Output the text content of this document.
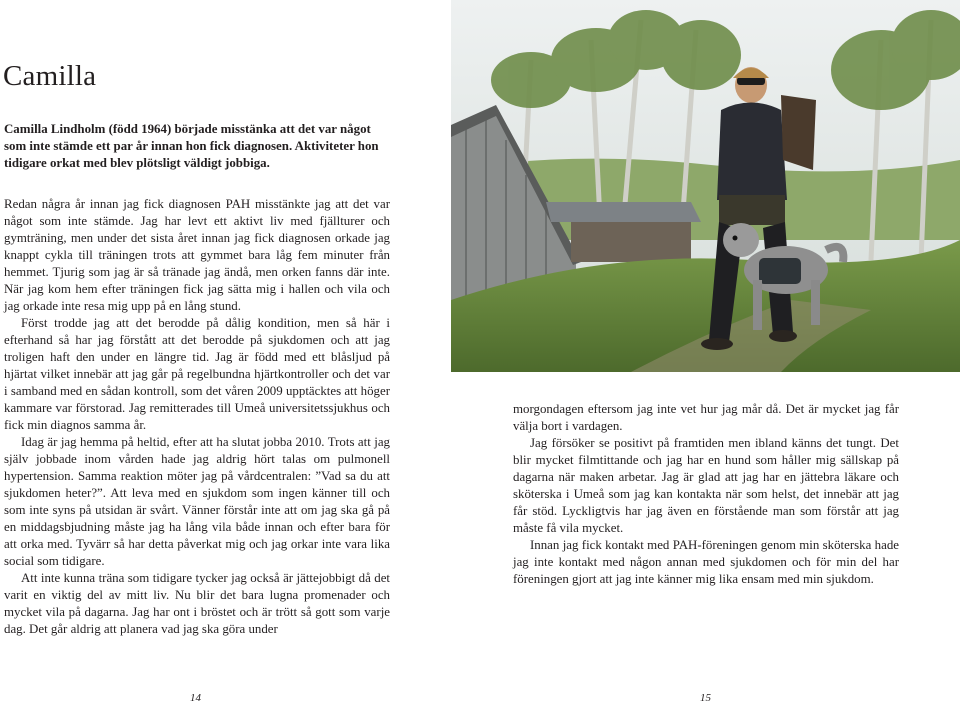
Camilla

Camilla Lindholm (född 1964) började misstänka att det var något som inte stämde ett par år innan hon fick diagnosen. Aktiviteter hon tidigare orkat med blev plötsligt väldigt jobbiga.

Redan några år innan jag fick diagnosen PAH misstänkte jag att det var något som inte stämde. Jag har levt ett aktivt liv med fjällturer och gymträning, men under det sista året innan jag fick diagnosen orkade jag knappt cykla till träningen trots att gymmet bara låg fem minuter från hemmet. Tjurig som jag är så tränade jag ändå, men orken fanns där inte. När jag kom hem efter träningen fick jag sätta mig i hallen och vila och jag orkade inte resa mig upp på en lång stund.

Först trodde jag att det berodde på dålig kondition, men så här i efterhand så har jag förstått att det berodde på sjukdomen och att jag troligen haft den under en längre tid. Jag är född med ett blåsljud på hjärtat vilket innebär att jag går på regelbundna hjärtkontroller och det var i samband med en sådan kontroll, som det våren 2009 upptäcktes att höger kammare var förstorad. Jag remitterades till Umeå universitetssjukhus och fick min diagnos samma år.

Idag är jag hemma på heltid, efter att ha slutat jobba 2010. Trots att jag själv jobbade inom vården hade jag aldrig hört talas om pulmonell hypertension. Samma reaktion möter jag på vårdcentralen: ”Vad sa du att sjukdomen heter?”. Att leva med en sjukdom som ingen känner till och som inte syns på utsidan är svårt. Vänner förstår inte att om jag ska gå på en middagsbjudning måste jag ha lång vila både innan och efter bara för att orka med. Tyvärr så har detta påverkat mig och jag orkar inte vara lika social som tidigare.

Att inte kunna träna som tidigare tycker jag också är jättejobbigt då det varit en viktig del av mitt liv. Nu blir det bara lugna promenader och mycket vila på dagarna. Jag har ont i bröstet och är trött så gott som varje dag. Det går aldrig att planera vad jag ska göra under

morgondagen eftersom jag inte vet hur jag mår då. Det är mycket jag får välja bort i vardagen.

Jag försöker se positivt på framtiden men ibland känns det tungt. Det blir mycket filmtittande och jag har en hund som håller mig sällskap på dagarna när maken arbetar. Jag är glad att jag har en jättebra läkare och sköterska i Umeå som jag kan kontakta när som helst, det innebär att jag får stöd. Lyckligtvis har jag även en förstående man som förstår att jag måste få vila mycket.

Innan jag fick kontakt med PAH-föreningen genom min sköterska hade jag inte kontakt med någon annan med sjukdomen och för min del har föreningen gjort att jag inte känner mig lika ensam med min sjukdom.

14	15
